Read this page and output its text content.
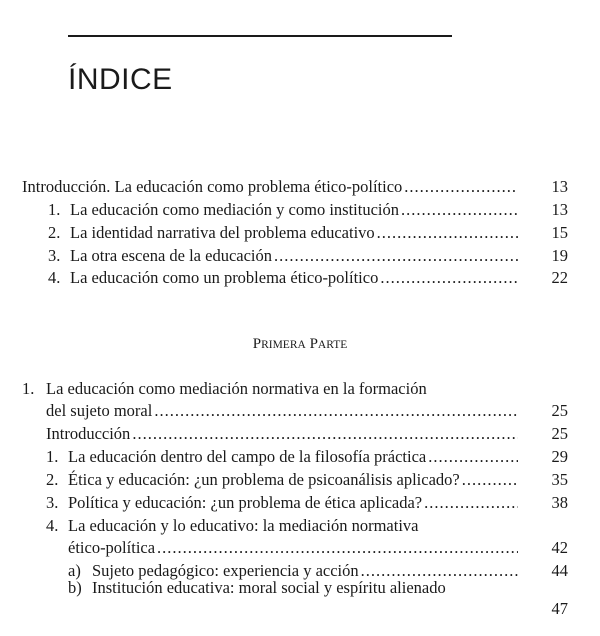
ÍNDICE
Introducción. La educación como problema ético-político .....	13
1. La educación como mediación y como institución .....	13
2. La identidad narrativa del problema educativo .....	15
3. La otra escena de la educación .....	19
4. La educación como un problema ético-político .....	22
PRIMERA PARTE
1. La educación como mediación normativa en la formación
del sujeto moral .....	25
Introducción .....	25
1. La educación dentro del campo de la filosofía práctica .....	29
2. Ética y educación: ¿un problema de psicoanálisis aplicado? .....	35
3. Política y educación: ¿un problema de ética aplicada? .....	38
4. La educación y lo educativo: la mediación normativa
ético-política .....	42
a) Sujeto pedagógico: experiencia y acción .....	44
b) Institución educativa: moral social y espíritu alienado
47
